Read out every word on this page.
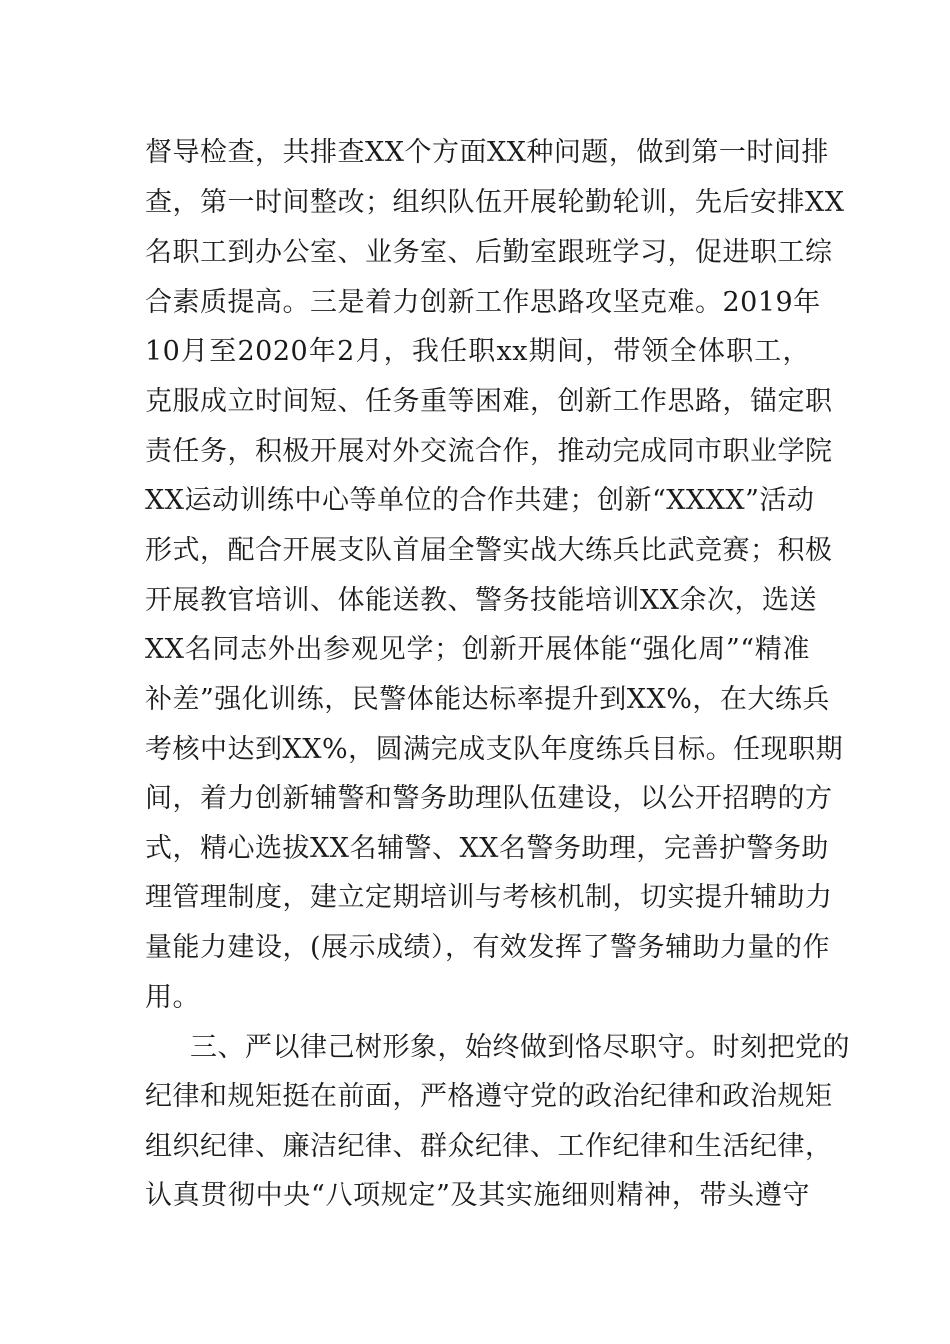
督导检查，共排查XX个方面XX种问题，做到第一时间排
查，第一时间整改；组织队伍开展轮勤轮训，先后安排XX
名职工到办公室、业务室、后勤室跟班学习，促进职工综
合素质提高。三是着力创新工作思路攻坚克难。2019年
10月至2020年2月，我任职xx期间，带领全体职工，
克服成立时间短、任务重等困难，创新工作思路，锚定职
责任务，积极开展对外交流合作，推动完成同市职业学院
XX运动训练中心等单位的合作共建；创新“XXXX”活动
形式，配合开展支队首届全警实战大练兵比武竞赛；积极
开展教官培训、体能送教、警务技能培训XX余次，选送
XX名同志外出参观见学；创新开展体能“强化周”“精准
补差”强化训练，民警体能达标率提升到XX%，在大练兵
考核中达到XX%，圆满完成支队年度练兵目标。任现职期
间，着力创新辅警和警务助理队伍建设，以公开招聘的方
式，精心选拔XX名辅警、XX名警务助理，完善护警务助
理管理制度，建立定期培训与考核机制，切实提升辅助力
量能力建设，(展示成绩），有效发挥了警务辅助力量的作
用。
三、严以律己树形象，始终做到恪尽职守。时刻把党的
纪律和规矩挺在前面，严格遵守党的政治纪律和政治规矩
组织纪律、廉洁纪律、群众纪律、工作纪律和生活纪律，
认真贯彻中央“八项规定”及其实施细则精神，带头遵守
